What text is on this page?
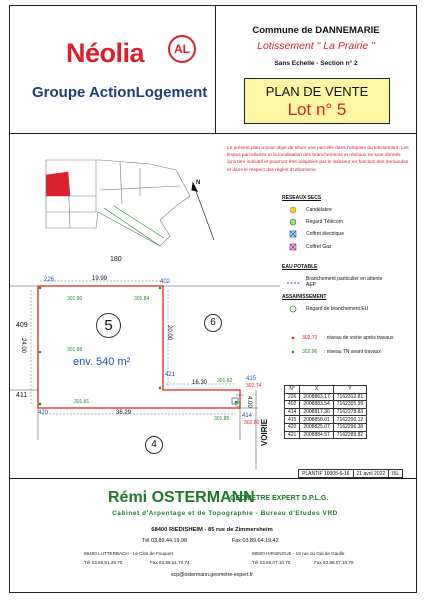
Néolia	AL
Groupe ActionLogement
Commune de DANNEMARIE
Lotissement " La Prairie "
Sans Echelle - Section n° 2
PLAN DE VENTE
Lot n° 5
Le présent plan a pour objet de situer une parcelle dans l'emprise du lotissement. Les limites parcellaires et la localisation des branchements et réseaux ne sont donnés qu'à titre indicatif et pourront être adaptées par le lotisseur en fonction des demandes et dans le respect des règles d'urbanisme.
180
409
411
5	6
4
env. 540 m²
VOIRIE
N
19.99
24.00
20.00
36.29
16.30
4.00
226	402
421
415
414
420
301.80	301.84
301.88
301.81
301.82
302.74
301.85
302.80
RESEAUX SECS
Candélabre
Regard Télécom
Coffret électrique
Coffret Gaz
EAU POTABLE
Branchement particulier en attente AEP
ASSAINISSEMENT
Regard de branchement EU
302.70 : niveau de voirie après travaux
302.96 : niveau TN avant travaux
N°	X	Y
226	2008863.17	7162312.81
402	2008883.54	7162305.99
414	2008817.36	7162278.83
415	2008858.01	7162290.12
420	2008825.07	7162296.38
421	2008884.57	7162289.82
PLANTIF 10005-6-16	21 avril 2022	I5L
Rémi OSTERMANN
GEOMETRE EXPERT D.P.L.G.
Cabinet d'Arpentage et de Topographie - Bureau d'Etudes VRD
68400 RIEDISHEIM - 85 rue de Zimmersheim
Tél 03.89.44.19.98	Fax 03.89.64.19.42
68480 LUTTERBACH - Le Clos de Fouquet
Tél 03.89.51.28.70	Fax 03.89.51.70.74
68500 HIRSINGUE - 19 rue du Gal de Gaulle
Tél 03.89.07.10.70	Fax 03.89.07.10.79
scp@ostermann.geometre-expert.fr
